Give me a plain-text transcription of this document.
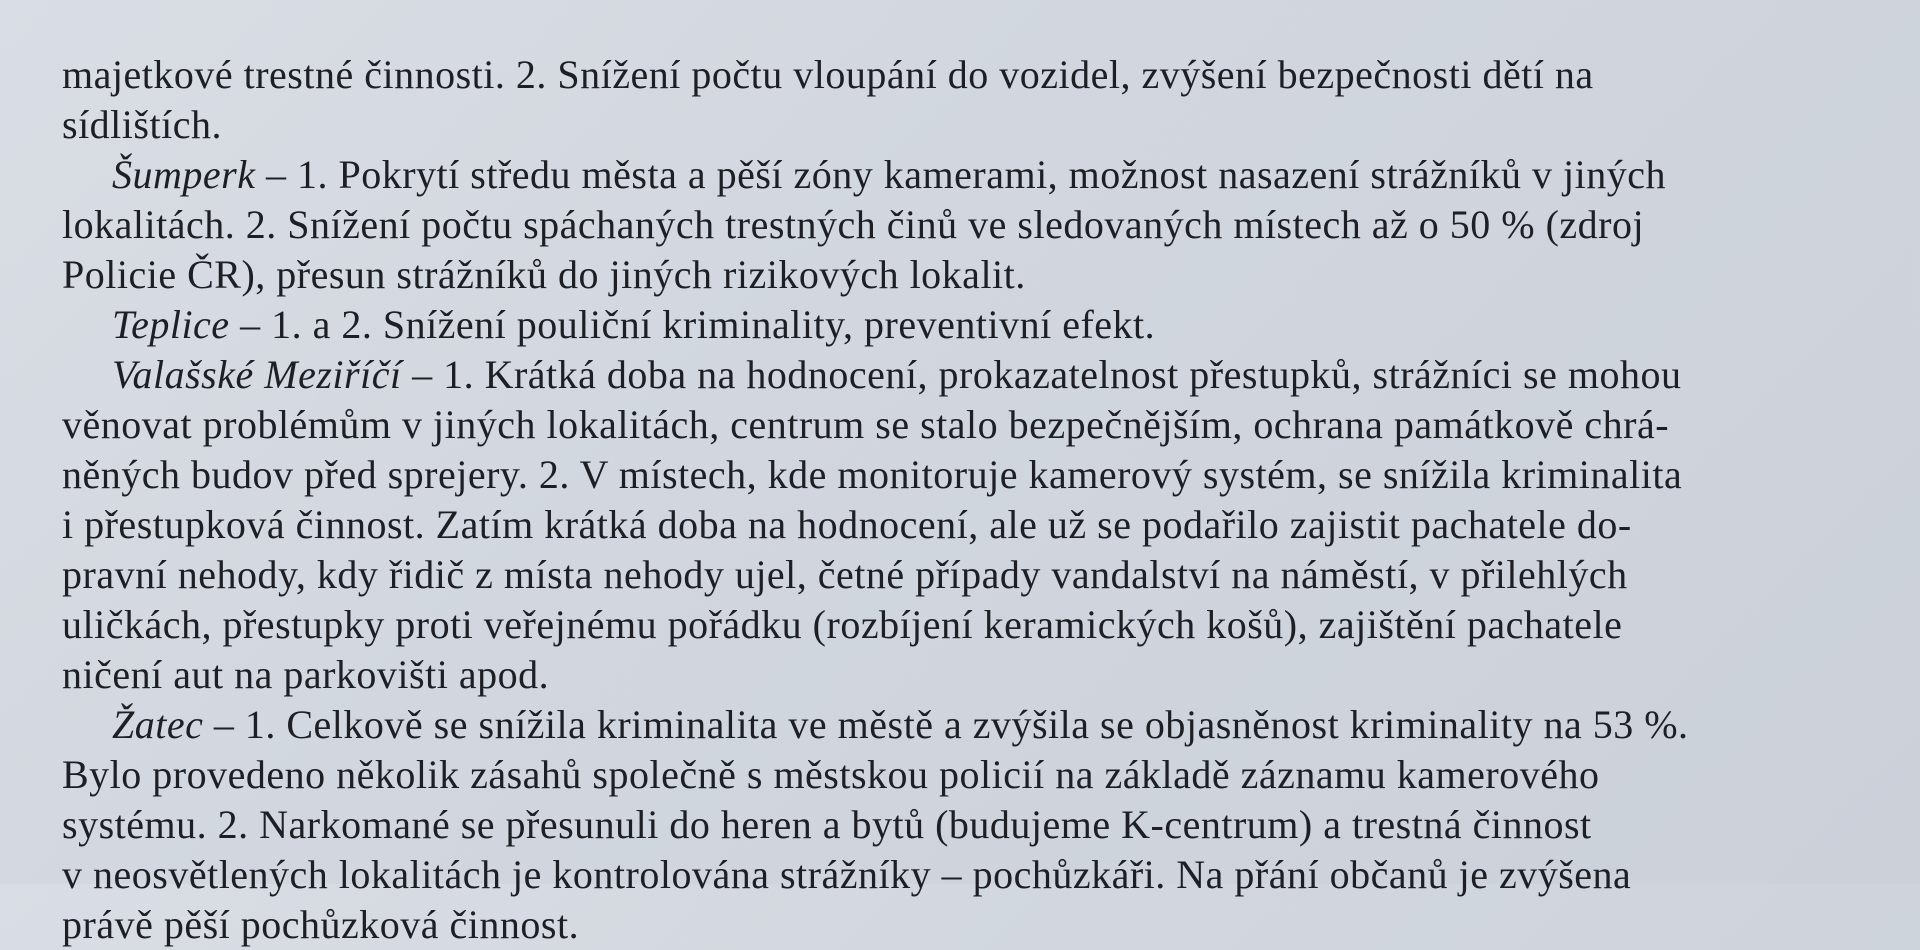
majetkové trestné činnosti. 2. Snížení počtu vloupání do vozidel, zvýšení bezpečnosti dětí na
sídlištích.
Šumperk – 1. Pokrytí středu města a pěší zóny kamerami, možnost nasazení strážníků v jiných
lokalitách. 2. Snížení počtu spáchaných trestných činů ve sledovaných místech až o 50 % (zdroj
Policie ČR), přesun strážníků do jiných rizikových lokalit.
Teplice – 1. a 2. Snížení pouliční kriminality, preventivní efekt.
Valašské Meziříčí – 1. Krátká doba na hodnocení, prokazatelnost přestupků, strážníci se mohou
věnovat problémům v jiných lokalitách, centrum se stalo bezpečnějším, ochrana památkově chrá-
něných budov před sprejery. 2. V místech, kde monitoruje kamerový systém, se snížila kriminalita
i přestupková činnost. Zatím krátká doba na hodnocení, ale už se podařilo zajistit pachatele do-
pravní nehody, kdy řidič z místa nehody ujel, četné případy vandalství na náměstí, v přilehlých
uličkách, přestupky proti veřejnému pořádku (rozbíjení keramických košů), zajištění pachatele
ničení aut na parkovišti apod.
Žatec – 1. Celkově se snížila kriminalita ve městě a zvýšila se objasněnost kriminality na 53 %.
Bylo provedeno několik zásahů společně s městskou policií na základě záznamu kamerového
systému. 2. Narkomané se přesunuli do heren a bytů (budujeme K-centrum) a trestná činnost
v neosvětlených lokalitách je kontrolována strážníky – pochůzkáři. Na přání občanů je zvýšena
právě pěší pochůzková činnost.
